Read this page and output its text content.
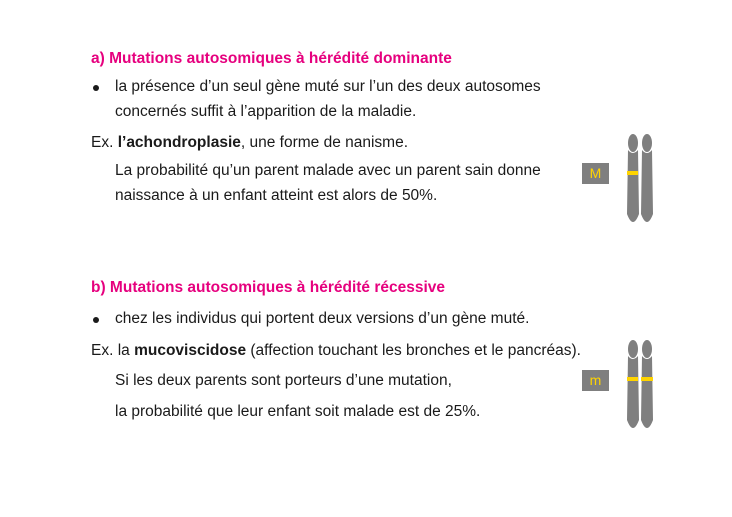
a) Mutations autosomiques à hérédité dominante
la présence d’un seul gène muté sur l’un des deux autosomes
concernés suffit à l’apparition de la maladie.
Ex. l’achondroplasie, une forme de nanisme.
La probabilité qu’un parent malade avec un parent sain donne
naissance à un enfant atteint est alors de 50%.
M
b) Mutations autosomiques à hérédité récessive
chez les individus qui portent deux versions d’un gène muté.
Ex. la mucoviscidose (affection touchant les bronches et le pancréas).
Si les deux parents sont porteurs d’une mutation,
la probabilité que leur enfant soit malade est de 25%.
m
